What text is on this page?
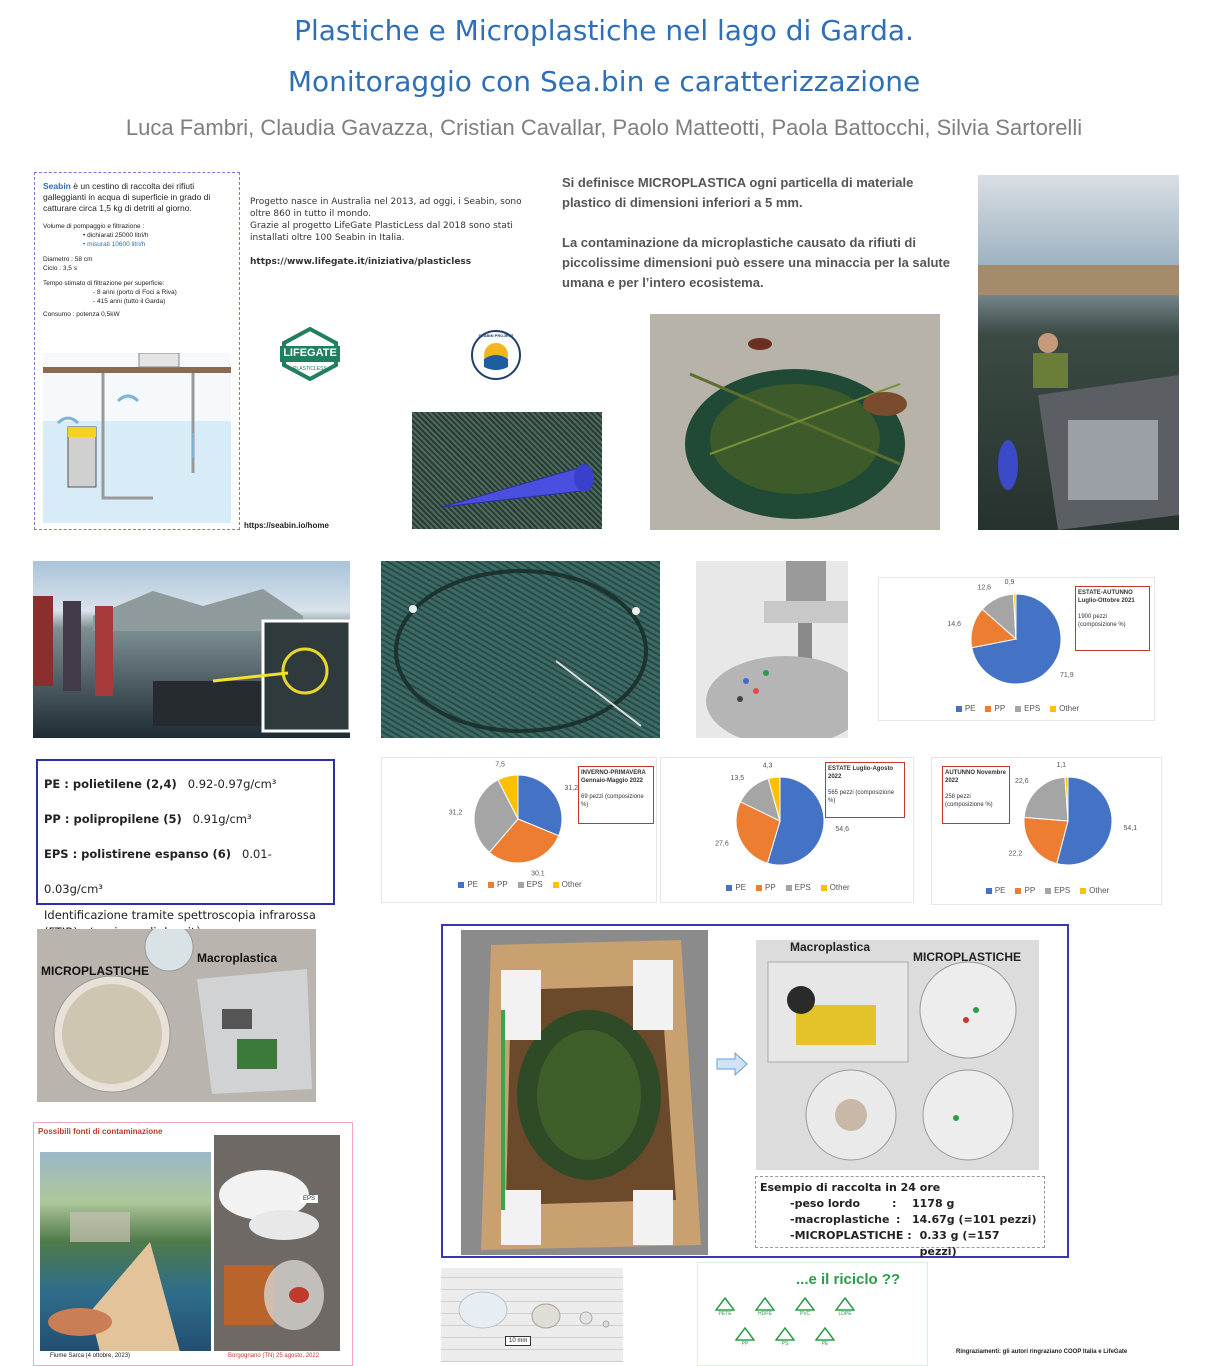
Plastiche e Microplastiche nel lago di Garda.
Monitoraggio con Sea.bin e caratterizzazione
Luca Fambri, Claudia Gavazza, Cristian Cavallar, Paolo Matteotti, Paola Battocchi, Silvia Sartorelli
Seabin è un cestino di raccolta dei rifiuti galleggianti in acqua di superficie in grado di catturare circa 1,5 kg di detriti al giorno.
Volume di pompaggio e filtrazione :
• dichiarati 25000 litri/h
• misurati 10600 litri/h
Diametro : 58 cm
Ciclo : 3,5 s
Tempo stimato di filtrazione per superficie:
- 8 anni (porto di Foci a Riva)
- 415 anni (tutto il Garda)
Consumo : potenza 0,5kW
https://seabin.io/home
Progetto nasce in Australia nel 2013, ad oggi, i Seabin, sono oltre 860 in tutto il mondo.
Grazie al progetto LifeGate PlasticLess dal 2018 sono stati installati oltre 100 Seabin in Italia.
https://www.lifegate.it/iniziativa/plasticless
LIFEGATE
PLASTICLESS
SEABIN PROJECT
Si definisce MICROPLASTICA ogni particella di materiale plastico di dimensioni inferiori a 5 mm.
La contaminazione da microplastiche causato da rifiuti di piccolissime dimensioni può essere una minaccia per la salute umana e per l’intero ecosistema.
71,9
14,6
12,6
0,9
ESTATE-AUTUNNO Luglio-Ottobre 2021
1900 pezzi (composizione %)
PE PP EPS Other
PE : polietilene (2,4) 0.92-0.97g/cm³
PP : polipropilene (5) 0.91g/cm³
EPS : polistirene espanso (6) 0.01-0.03g/cm³
Identificazione tramite spettroscopia infrarossa
31,2
30,1
31,2
7,5
INVERNO-PRIMAVERA Gennaio-Maggio 2022
69 pezzi (composizione %)
PE PP EPS Other
54,6
27,6
13,5
4,3	ESTATE Luglio-Agosto 2022
565 pezzi (composizione %)
PE PP EPS Other
54,1
22,2
22,6
1,1
AUTUNNO Novembre 2022
258 pezzi (composizione %)
PE PP EPS Other
MICROPLASTICHE
Macroplastica
Possibili fonti di contaminazione
Fiume Sarca (4 ottobre, 2023)
EPS
Borgognano (TN) 25 agosto, 2022
Macroplastica
MICROPLASTICHE
Esempio di raccolta in 24 ore
-peso lordo	:	1178 g
-macroplastiche :	14.67g (=101 pezzi)
-MICROPLASTICHE : 0.33 g (=157 pezzi)
10 mm
...e il riciclo ??
PETE	HDPE	PVC	LDPE
PP	PS	PE
Ringraziamenti: gli autori ringraziano COOP Italia e LifeGate
